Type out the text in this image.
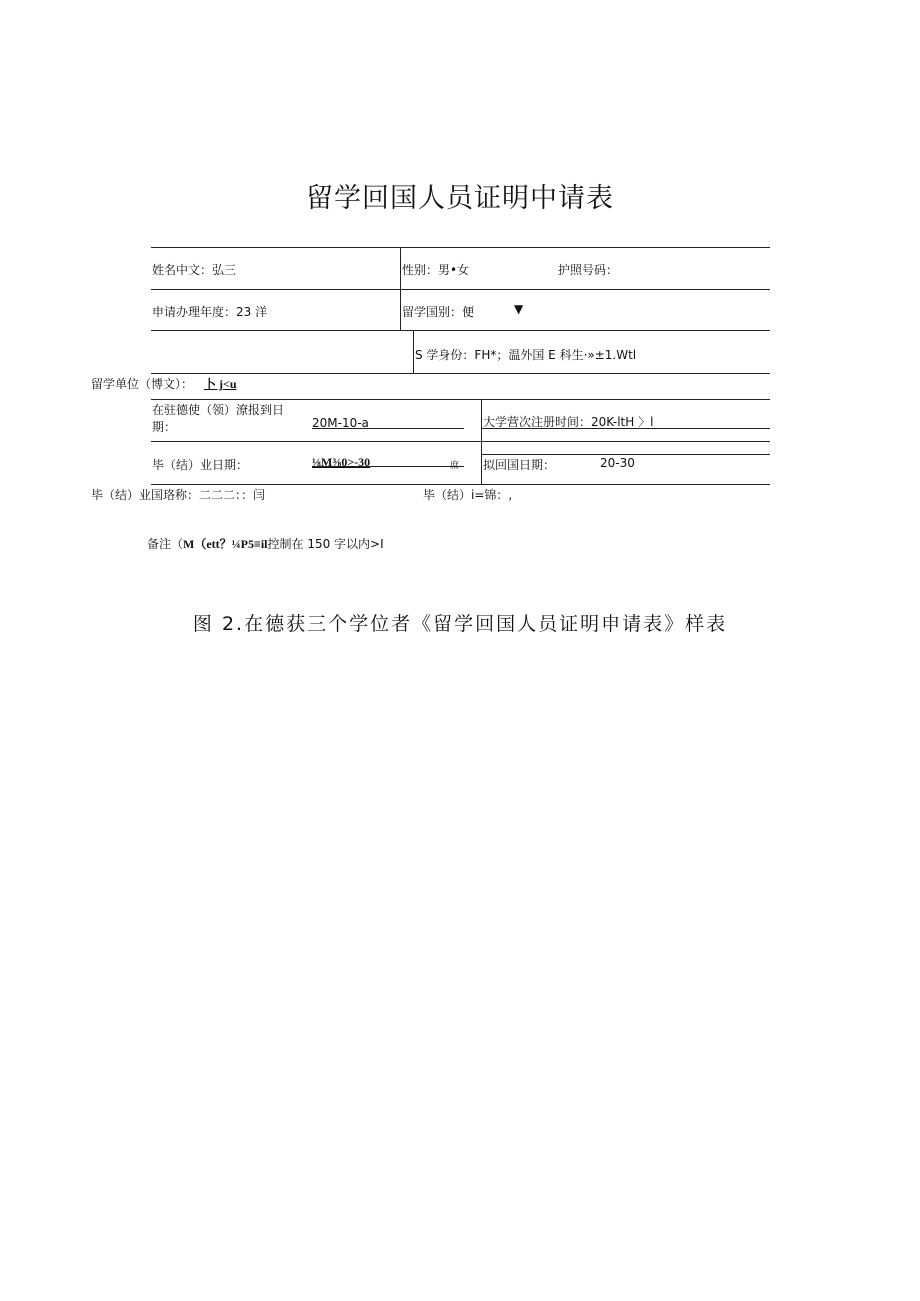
留学回国人员证明中请表
姓名中文：弘三	性别：男•女	护照号码：
申请办理年度：23 洋	留学国别：便	▼
S 学身份：FH*；温外国 E 科生·»±1.Wtl
留学单位（博文）： 卜 j<u
在驻德使（领）潦报到日
期：	20M-10-a	大学营次注册时间：20K-ltH 〉l
毕（结）业日期：	⅛M⅜0>-30	庶 拟回国日期：	20-30
毕（结）业国珞称：二二二：：闫	毕（结）i=锦：,
备注（M（ett？¼P5≡il控制在 150 字以内>I
图 2.在德获三个学位者《留学回国人员证明申请表》样表
